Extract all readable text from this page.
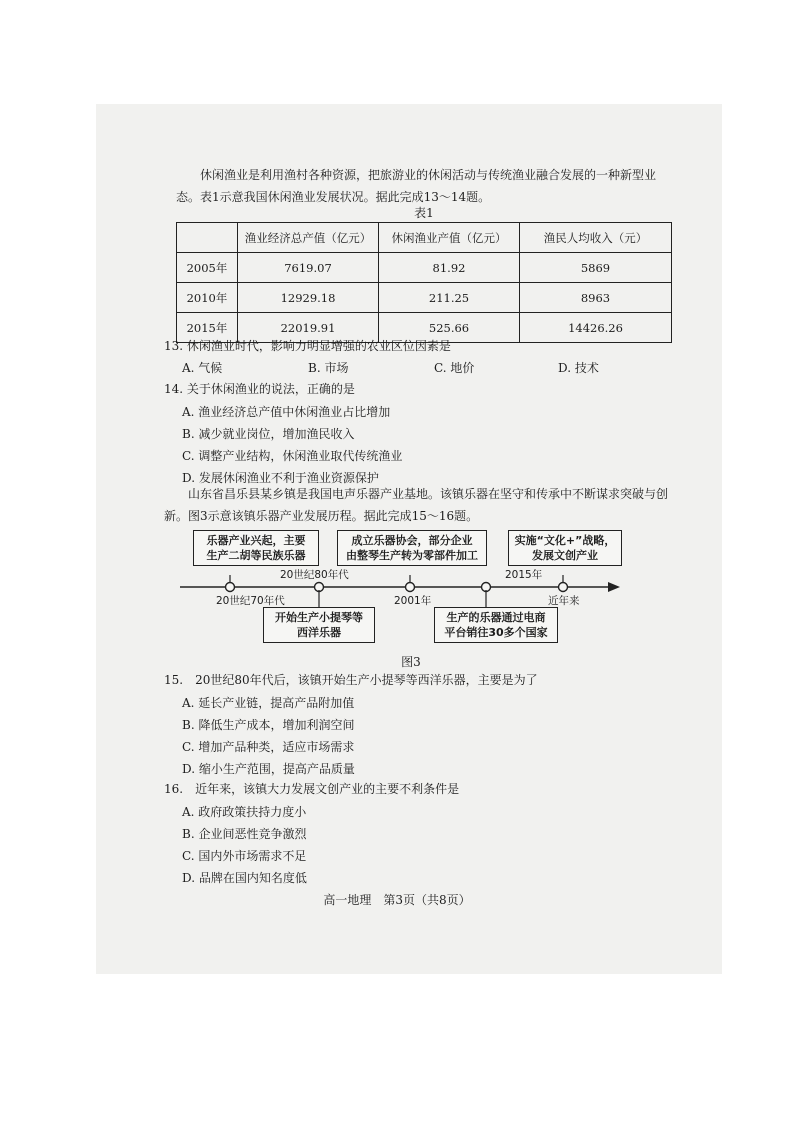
休闲渔业是利用渔村各种资源，把旅游业的休闲活动与传统渔业融合发展的一种新型业态。表1示意我国休闲渔业发展状况。据此完成13～14题。
表1
	渔业经济总产值（亿元）	休闲渔业产值（亿元）	渔民人均收入（元）
2005年	7619.07	81.92	5869
2010年	12929.18	211.25	8963
2015年	22019.91	525.66	14426.26
13. 休闲渔业时代，影响力明显增强的农业区位因素是
A. 气候	B. 市场	C. 地价	D. 技术
14. 关于休闲渔业的说法，正确的是
A. 渔业经济总产值中休闲渔业占比增加
B. 减少就业岗位，增加渔民收入
C. 调整产业结构，休闲渔业取代传统渔业
D. 发展休闲渔业不利于渔业资源保护
山东省昌乐县某乡镇是我国电声乐器产业基地。该镇乐器在坚守和传承中不断谋求突破与创新。图3示意该镇乐器产业发展历程。据此完成15～16题。
乐器产业兴起，主要
生产二胡等民族乐器
成立乐器协会，部分企业
由整琴生产转为零部件加工
实施“文化+”战略，
发展文创产业
开始生产小提琴等
西洋乐器
生产的乐器通过电商
平台销往30多个国家
20世纪70年代
20世纪80年代
2001年
2015年
近年来
图3
15.　20世纪80年代后，该镇开始生产小提琴等西洋乐器，主要是为了
A. 延长产业链，提高产品附加值
B. 降低生产成本，增加利润空间
C. 增加产品种类，适应市场需求
D. 缩小生产范围，提高产品质量
16.　近年来，该镇大力发展文创产业的主要不利条件是
A. 政府政策扶持力度小
B. 企业间恶性竞争激烈
C. 国内外市场需求不足
D. 品牌在国内知名度低
高一地理　第3页（共8页）
